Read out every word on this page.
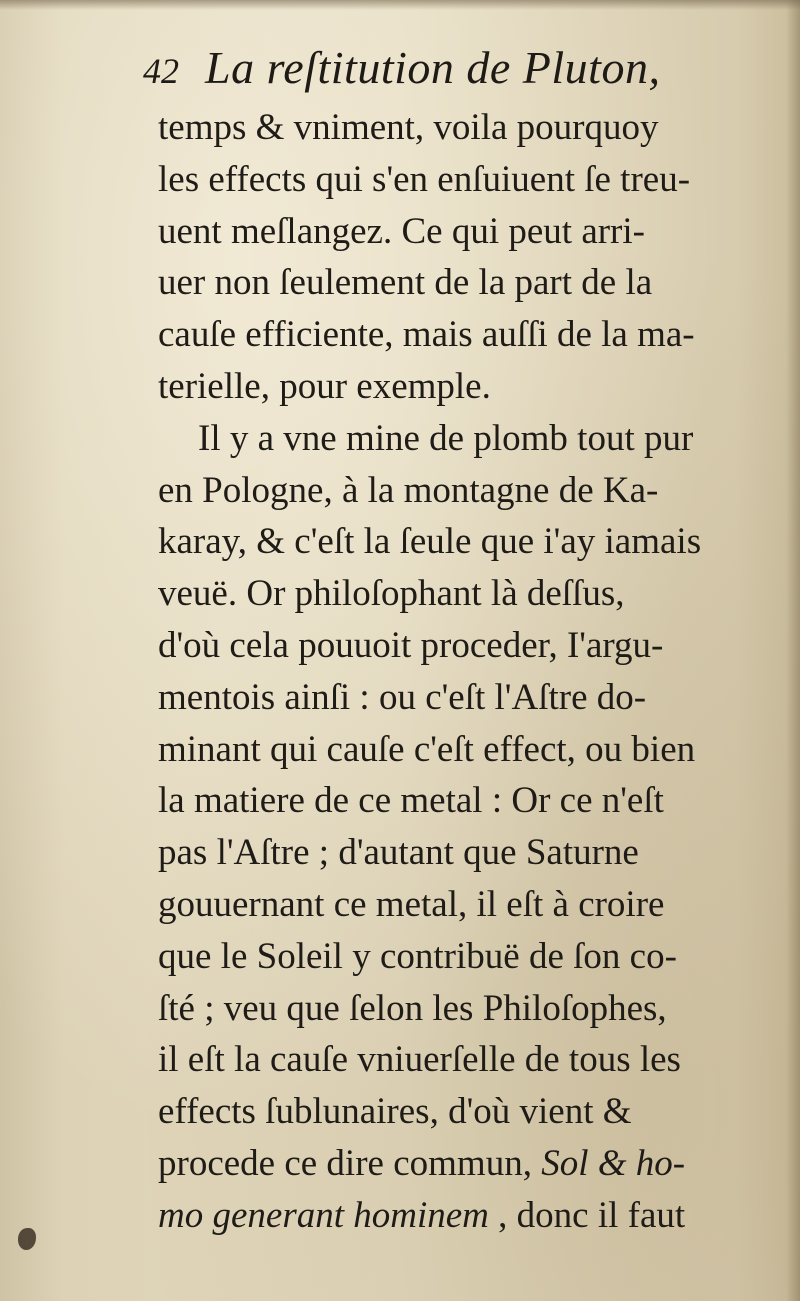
42 La reſtitution de Pluton,
temps & vniment, voila pourquoy
les effects qui s'en enſuiuent ſe treu-
uent meſlangez. Ce qui peut arri-
uer non ſeulement de la part de la
cauſe efficiente, mais auſſi de la ma-
terielle, pour exemple.
Il y a vne mine de plomb tout pur
en Pologne, à la montagne de Ka-
karay, & c'eſt la ſeule que i'ay iamais
veuë. Or philoſophant là deſſus,
d'où cela pouuoit proceder, I'argu-
mentois ainſi : ou c'eſt l'Aſtre do-
minant qui cauſe c'eſt effect, ou bien
la matiere de ce metal : Or ce n'eſt
pas l'Aſtre ; d'autant que Saturne
gouuernant ce metal, il eſt à croire
que le Soleil y contribuë de ſon co-
ſté ; veu que ſelon les Philoſophes,
il eſt la cauſe vniuerſelle de tous les
effects ſublunaires, d'où vient &
procede ce dire commun, Sol & ho-
mo generant hominem , donc il faut
